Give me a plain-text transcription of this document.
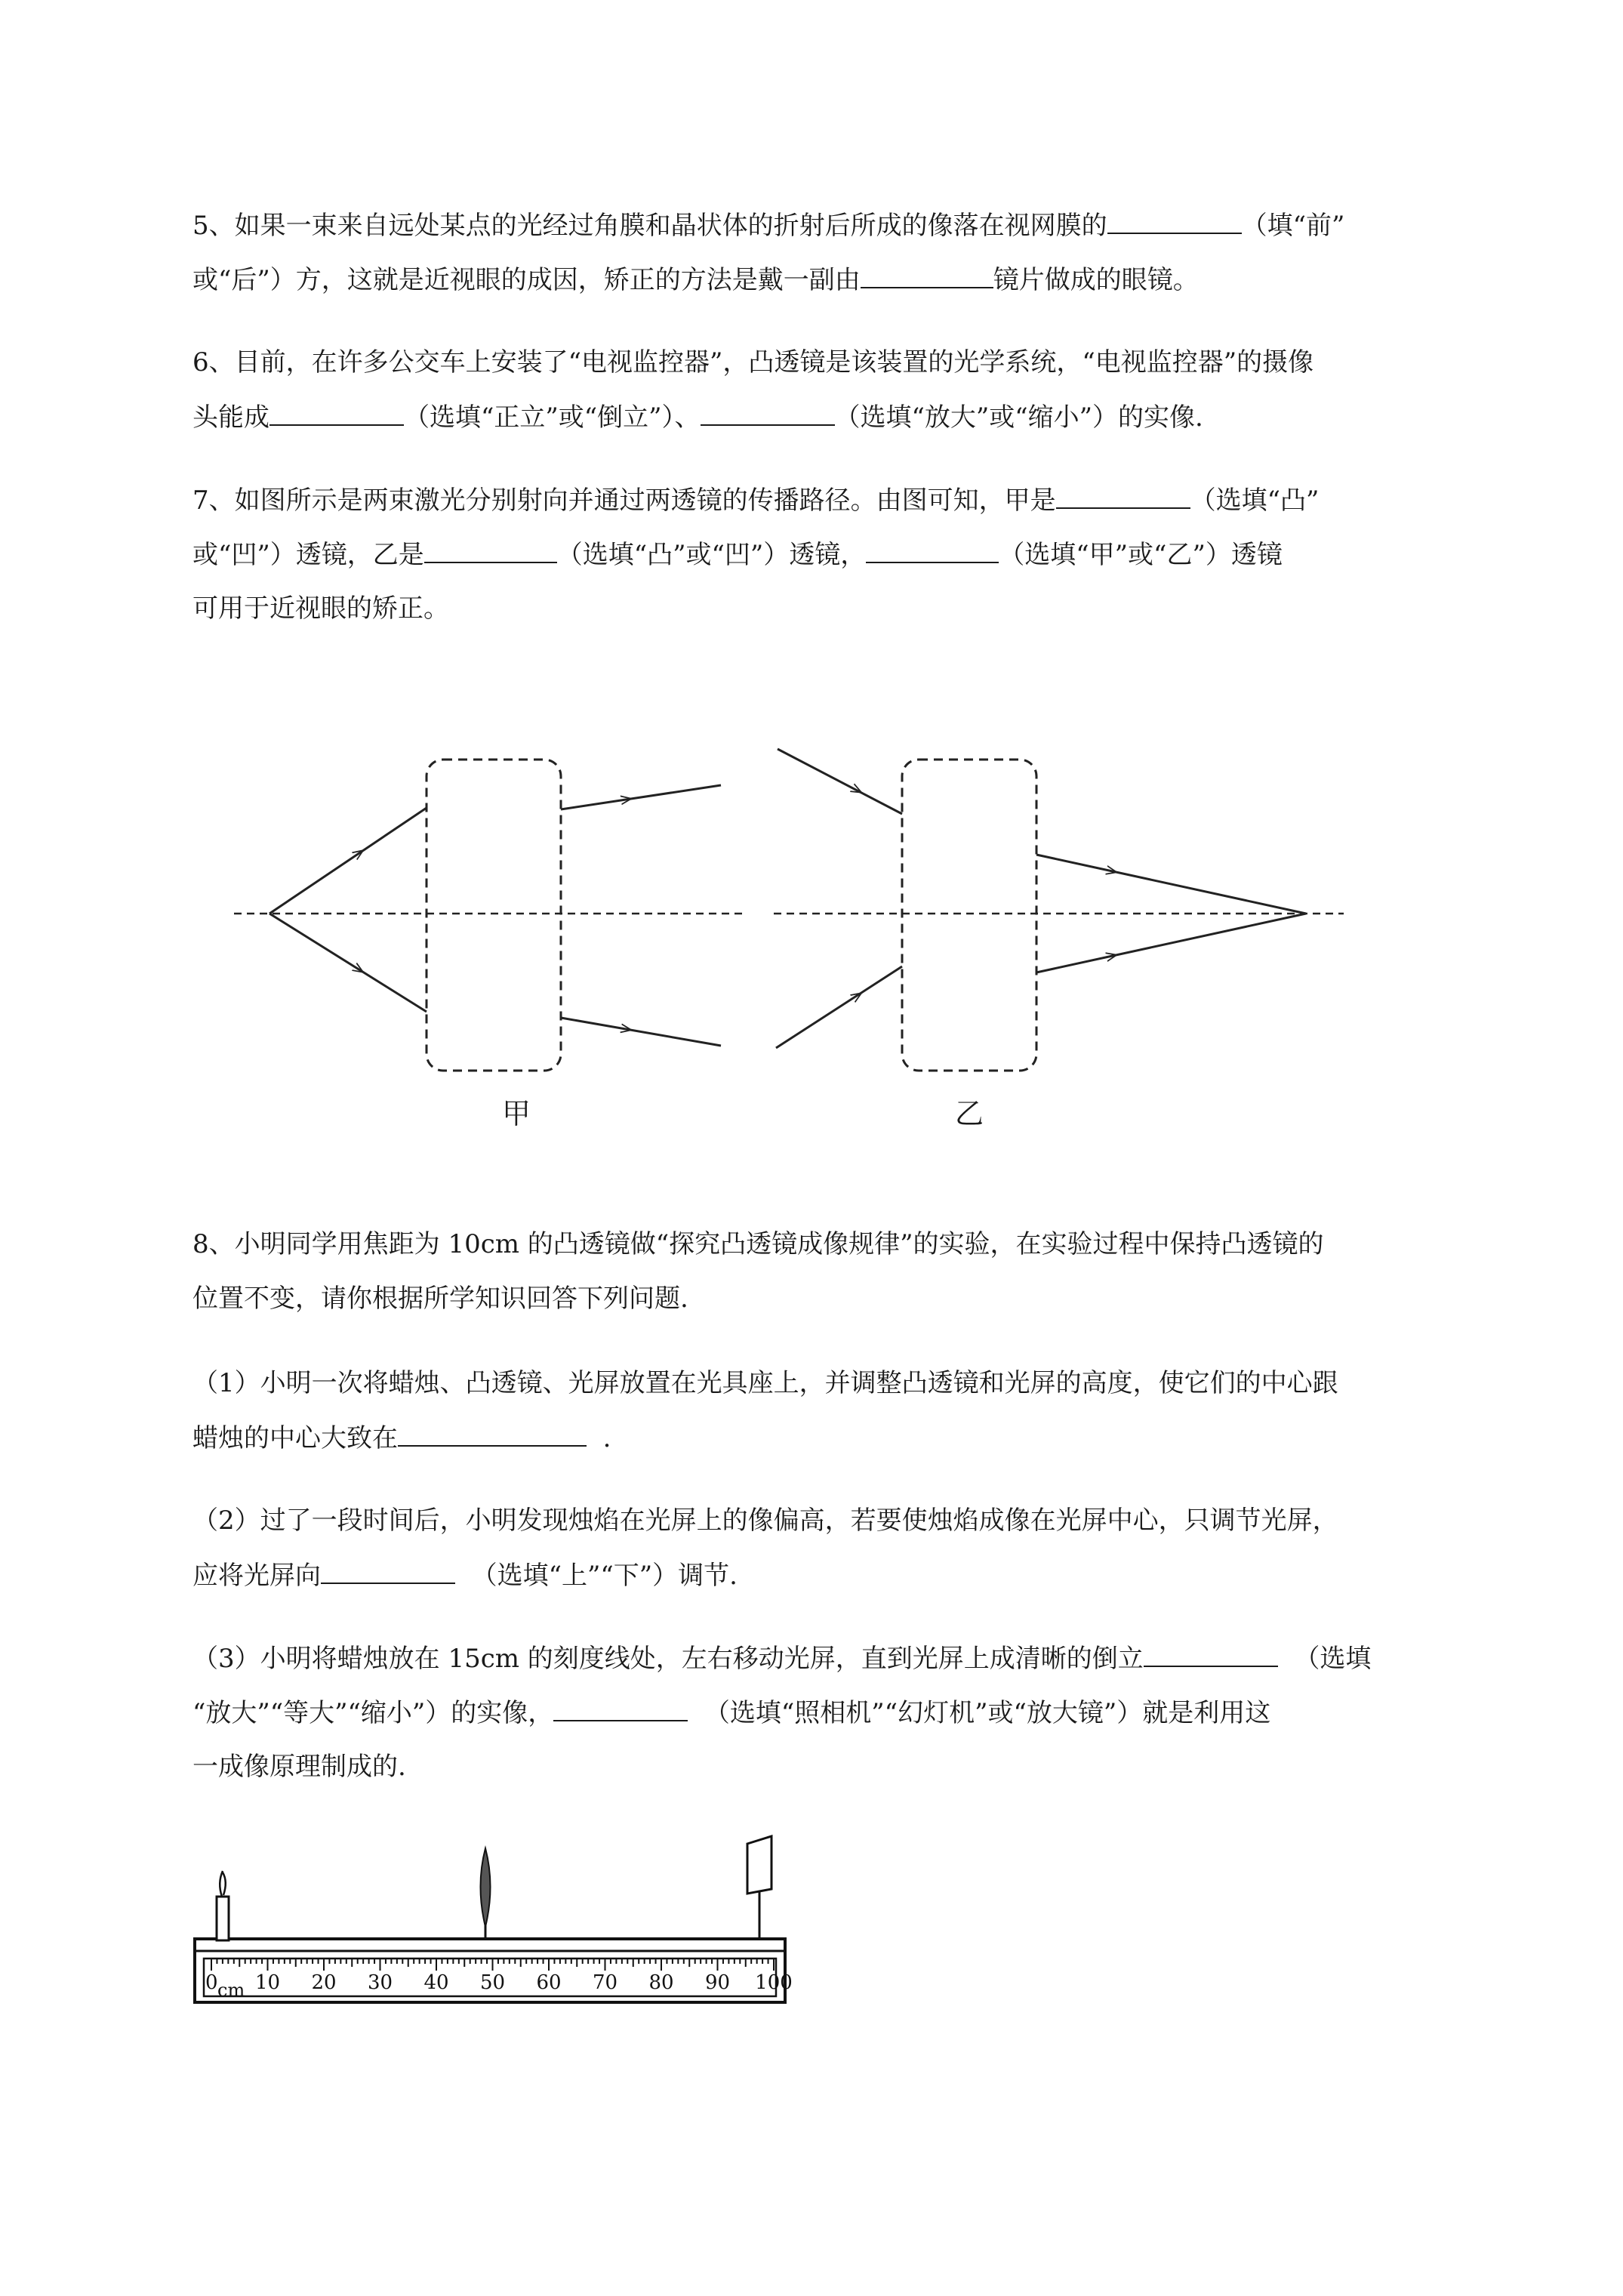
5、如果一束来自远处某点的光经过角膜和晶状体的折射后所成的像落在视网膜的	（填“前”
或“后”）方，这就是近视眼的成因，矫正的方法是戴一副由	镜片做成的眼镜。
6、目前，在许多公交车上安装了“电视监控器”，凸透镜是该装置的光学系统，“电视监控器”的摄像
头能成	（选填“正立”或“倒立”）、	（选填“放大”或“缩小”）的实像.
7、如图所示是两束激光分别射向并通过两透镜的传播路径。由图可知，甲是	（选填“凸”
或“凹”）透镜，乙是	（选填“凸”或“凹”）透镜，	（选填“甲”或“乙”）透镜
可用于近视眼的矫正。
甲	乙
8、小明同学用焦距为 10cm 的凸透镜做“探究凸透镜成像规律”的实验，在实验过程中保持凸透镜的
位置不变，请你根据所学知识回答下列问题.
（1）小明一次将蜡烛、凸透镜、光屏放置在光具座上，并调整凸透镜和光屏的高度，使它们的中心跟
蜡烛的中心大致在	.
（2）过了一段时间后，小明发现烛焰在光屏上的像偏高，若要使烛焰成像在光屏中心，只调节光屏，
应将光屏向	（选填“上”“下”）调节.
（3）小明将蜡烛放在 15cm 的刻度线处，左右移动光屏，直到光屏上成清晰的倒立	（选填
“放大”“等大”“缩小”）的实像，	（选填“照相机”“幻灯机”或“放大镜”）就是利用这
一成像原理制成的.
10 20 30 40 50 60 70 80 90 100
0 cm
